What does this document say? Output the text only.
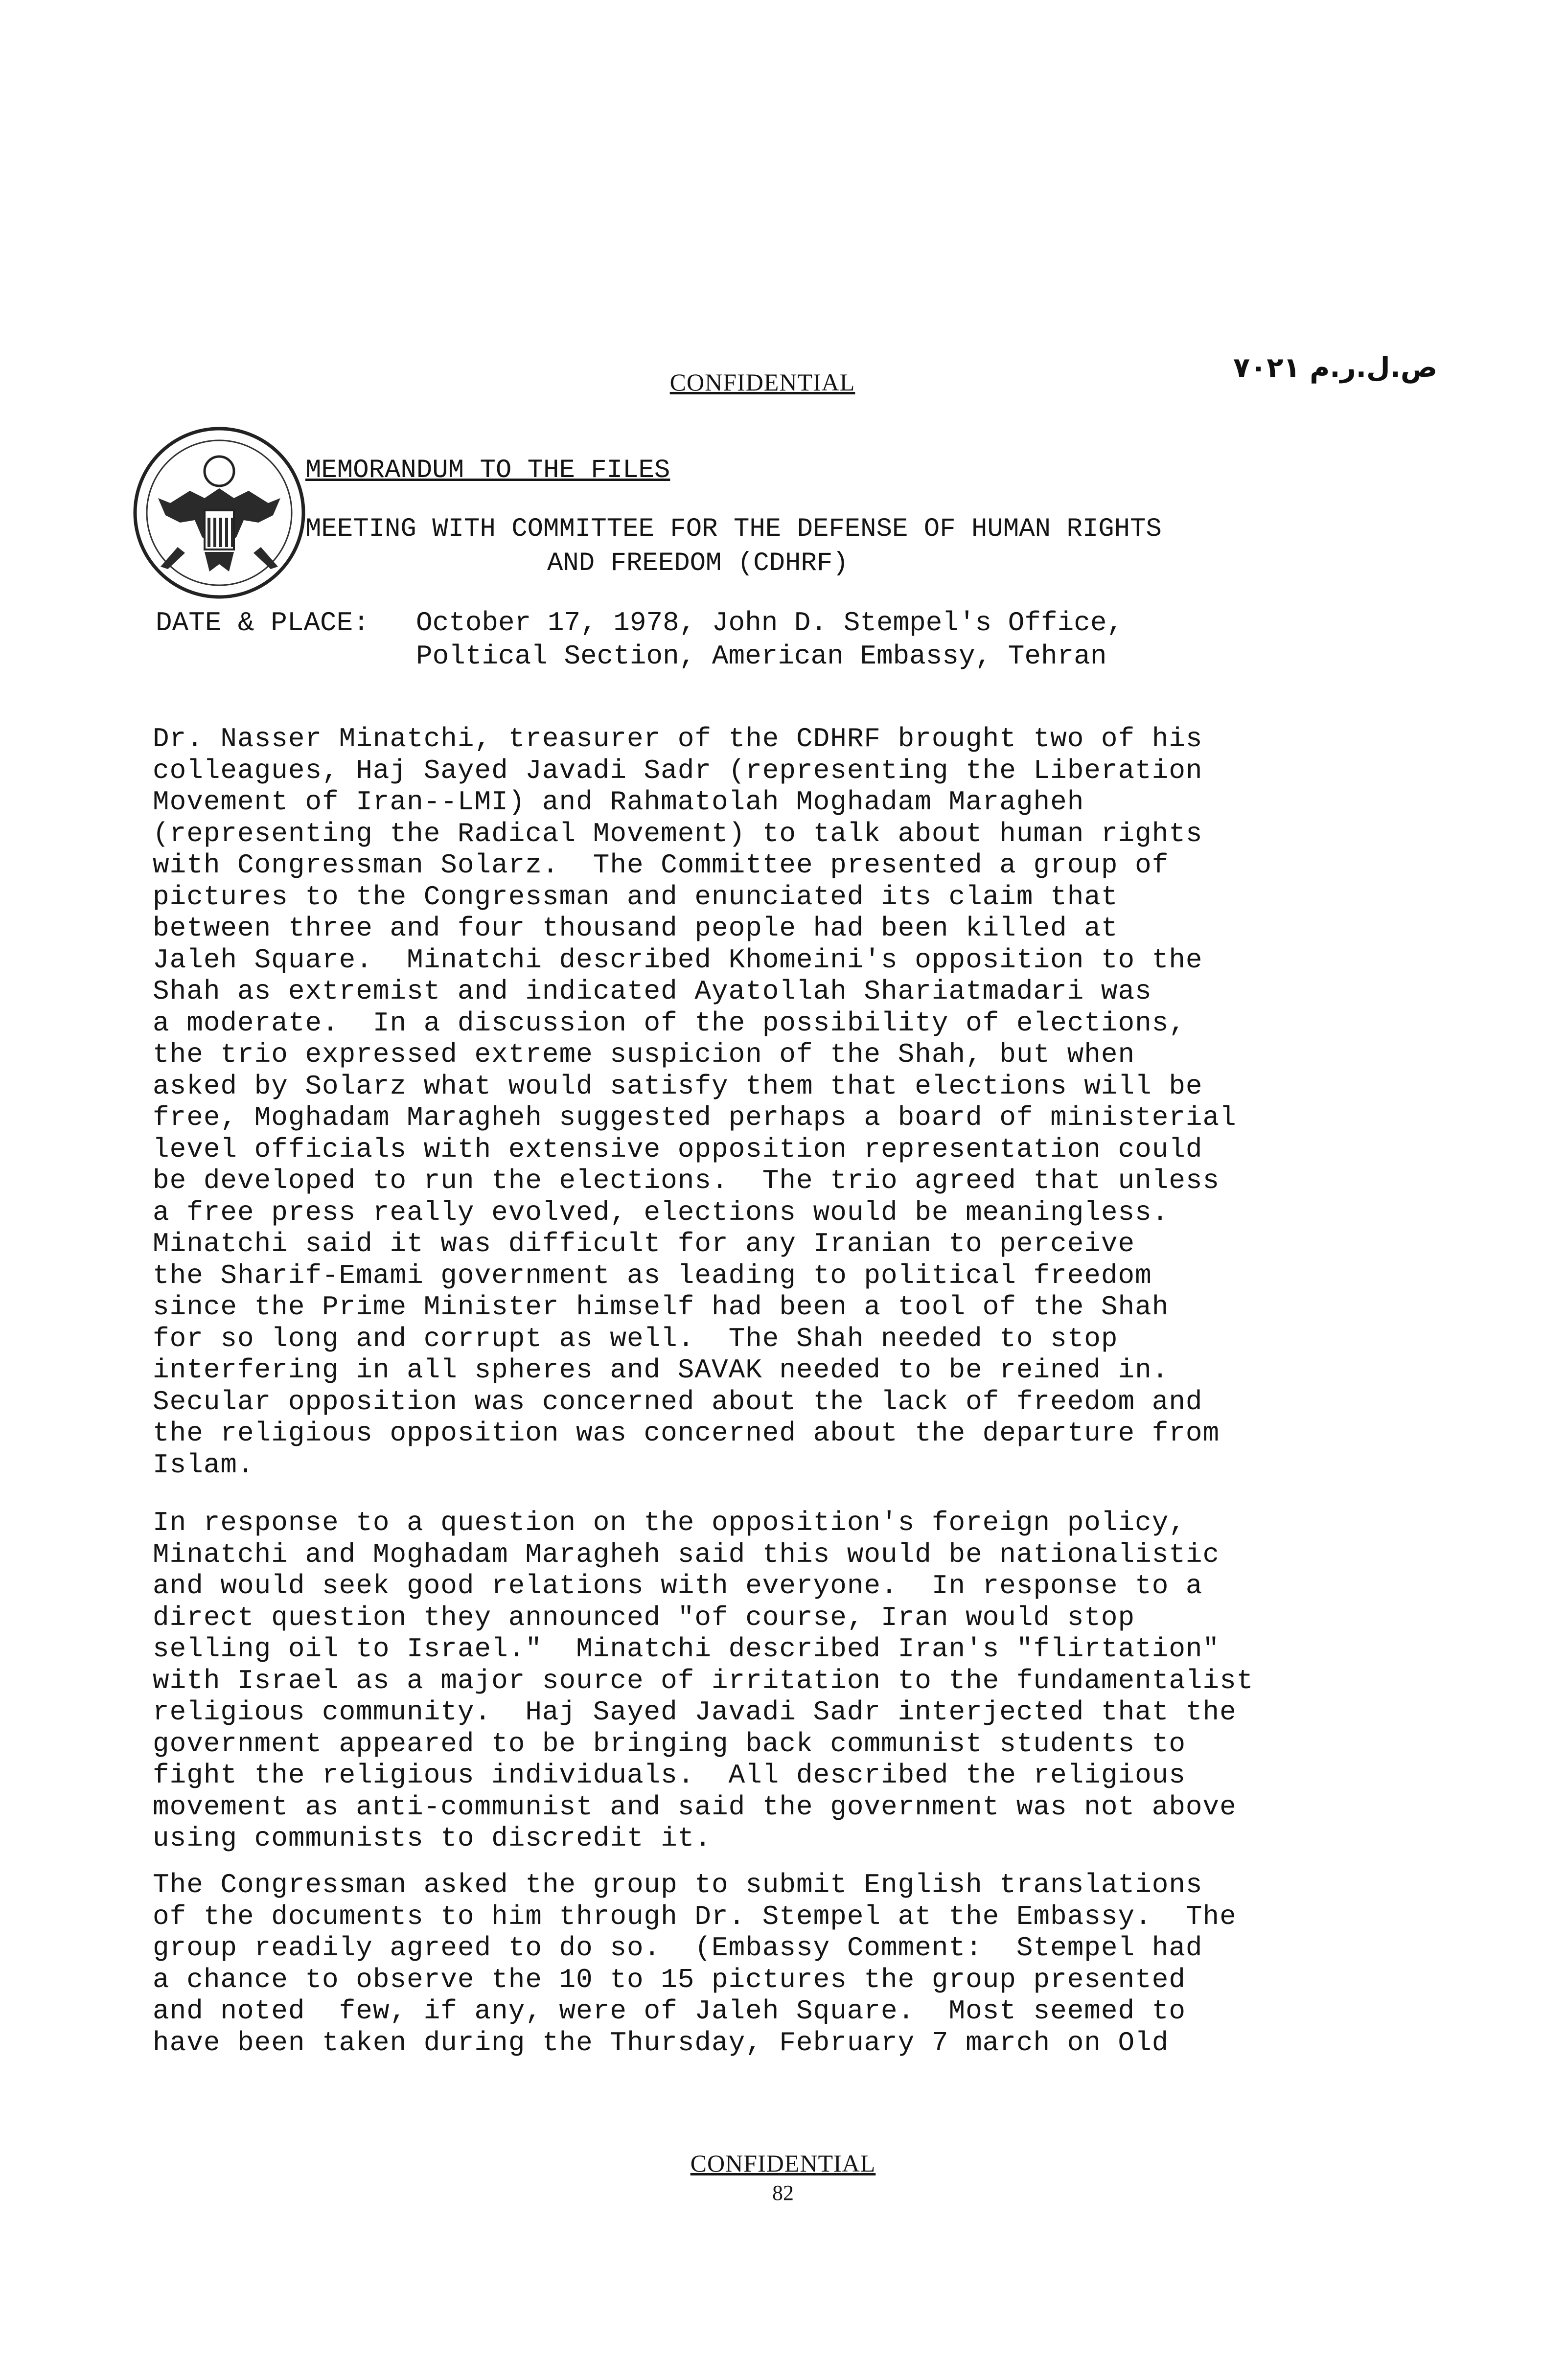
CONFIDENTIAL	ص.ل.ر.م ۷۰۲۱
MEMORANDUM TO THE FILES
MEETING WITH COMMITTEE FOR THE DEFENSE OF HUMAN RIGHTS
AND FREEDOM (CDHRF)
DATE & PLACE: October 17, 1978, John D. Stempel's Office,
Poltical Section, American Embassy, Tehran

Dr. Nasser Minatchi, treasurer of the CDHRF brought two of his
colleagues, Haj Sayed Javadi Sadr (representing the Liberation
Movement of Iran--LMI) and Rahmatolah Moghadam Maragheh
(representing the Radical Movement) to talk about human rights
with Congressman Solarz.  The Committee presented a group of
pictures to the Congressman and enunciated its claim that
between three and four thousand people had been killed at
Jaleh Square.  Minatchi described Khomeini's opposition to the
Shah as extremist and indicated Ayatollah Shariatmadari was
a moderate.  In a discussion of the possibility of elections,
the trio expressed extreme suspicion of the Shah, but when
asked by Solarz what would satisfy them that elections will be
free, Moghadam Maragheh suggested perhaps a board of ministerial
level officials with extensive opposition representation could
be developed to run the elections.  The trio agreed that unless
a free press really evolved, elections would be meaningless.
Minatchi said it was difficult for any Iranian to perceive
the Sharif-Emami government as leading to political freedom
since the Prime Minister himself had been a tool of the Shah
for so long and corrupt as well.  The Shah needed to stop
interfering in all spheres and SAVAK needed to be reined in.
Secular opposition was concerned about the lack of freedom and
the religious opposition was concerned about the departure from
Islam.

In response to a question on the opposition's foreign policy,
Minatchi and Moghadam Maragheh said this would be nationalistic
and would seek good relations with everyone.  In response to a
direct question they announced "of course, Iran would stop
selling oil to Israel."  Minatchi described Iran's "flirtation"
with Israel as a major source of irritation to the fundamentalist
religious community.  Haj Sayed Javadi Sadr interjected that the
government appeared to be bringing back communist students to
fight the religious individuals.  All described the religious
movement as anti-communist and said the government was not above
using communists to discredit it.

The Congressman asked the group to submit English translations
of the documents to him through Dr. Stempel at the Embassy.  The
group readily agreed to do so.  (Embassy Comment:  Stempel had
a chance to observe the 10 to 15 pictures the group presented
and noted  few, if any, were of Jaleh Square.  Most seemed to
have been taken during the Thursday, February 7 march on Old

CONFIDENTIAL
82
